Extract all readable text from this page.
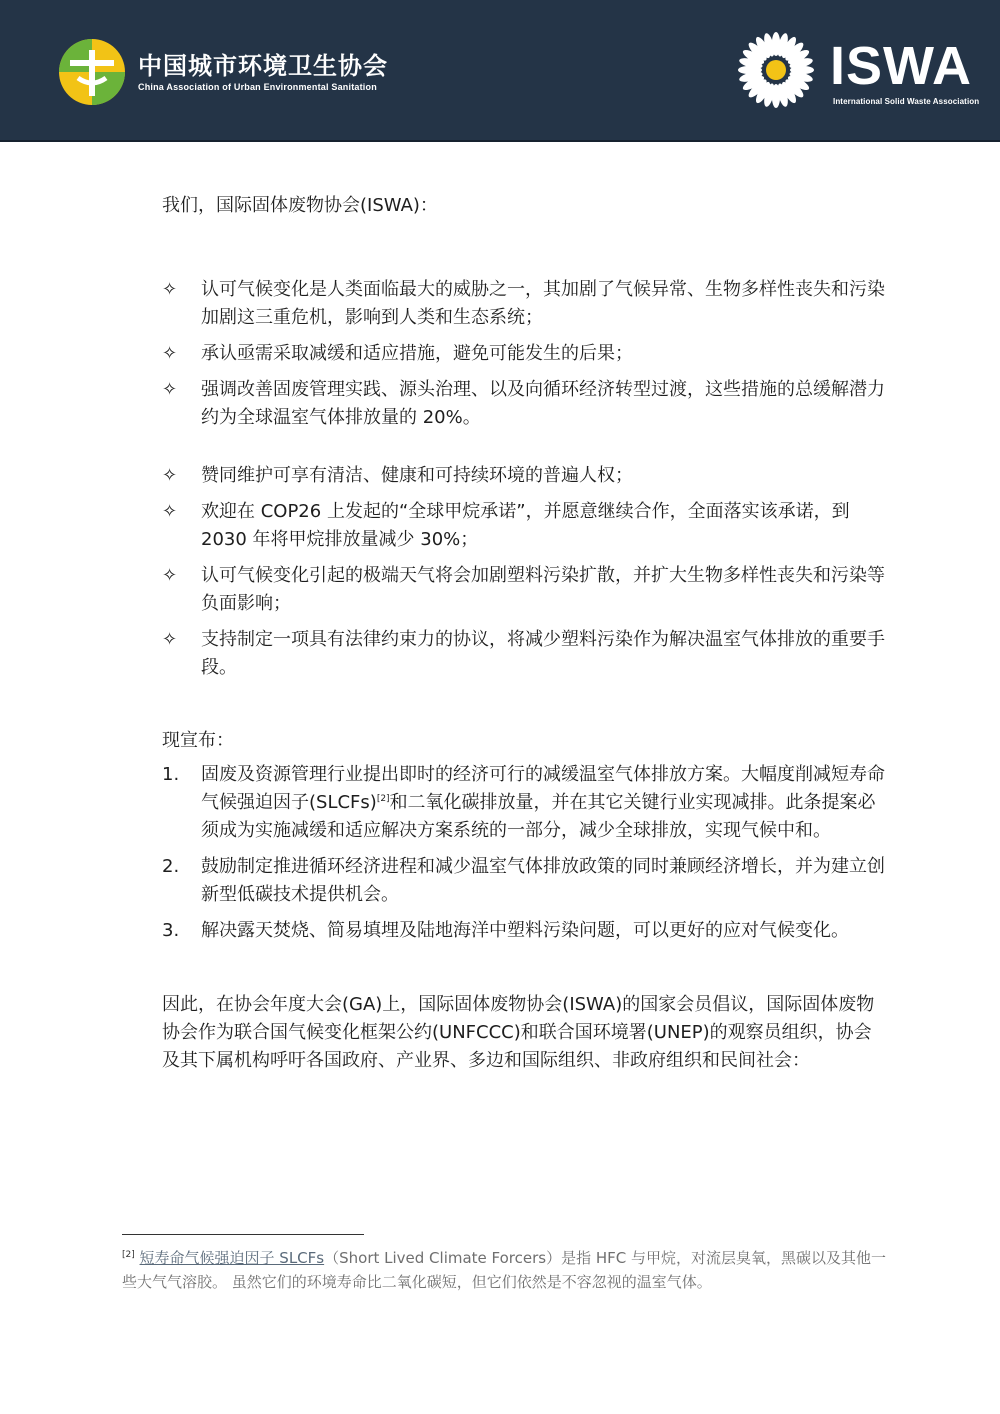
中国城市环境卫生协会
China Association of Urban Environmental Sanitation	ISWA
International Solid Waste Association
我们，国际固体废物协会(ISWA)：
✧ 认可气候变化是人类面临最大的威胁之一，其加剧了气候异常、生物多样性丧失和污染加剧这三重危机，影响到人类和生态系统；
✧ 承认亟需采取减缓和适应措施，避免可能发生的后果；
✧ 强调改善固废管理实践、源头治理、以及向循环经济转型过渡，这些措施的总缓解潜力约为全球温室气体排放量的 20%。
✧ 赞同维护可享有清洁、健康和可持续环境的普遍人权；
✧ 欢迎在 COP26 上发起的“全球甲烷承诺”，并愿意继续合作，全面落实该承诺，到 2030 年将甲烷排放量减少 30%；
✧ 认可气候变化引起的极端天气将会加剧塑料污染扩散，并扩大生物多样性丧失和污染等负面影响；
✧ 支持制定一项具有法律约束力的协议，将减少塑料污染作为解决温室气体排放的重要手段。
现宣布：
1. 固废及资源管理行业提出即时的经济可行的减缓温室气体排放方案。大幅度削减短寿命气候强迫因子(SLCFs)[2]和二氧化碳排放量，并在其它关键行业实现减排。此条提案必须成为实施减缓和适应解决方案系统的一部分，减少全球排放，实现气候中和。
2. 鼓励制定推进循环经济进程和减少温室气体排放政策的同时兼顾经济增长，并为建立创新型低碳技术提供机会。
3. 解决露天焚烧、简易填埋及陆地海洋中塑料污染问题，可以更好的应对气候变化。
因此，在协会年度大会(GA)上，国际固体废物协会(ISWA)的国家会员倡议，国际固体废物协会作为联合国气候变化框架公约(UNFCCC)和联合国环境署(UNEP)的观察员组织，协会及其下属机构呼吁各国政府、产业界、多边和国际组织、非政府组织和民间社会：
[2] 短寿命气候强迫因子 SLCFs（Short Lived Climate Forcers）是指 HFC 与甲烷，对流层臭氧，黑碳以及其他一些大气气溶胶。 虽然它们的环境寿命比二氧化碳短，但它们依然是不容忽视的温室气体。
